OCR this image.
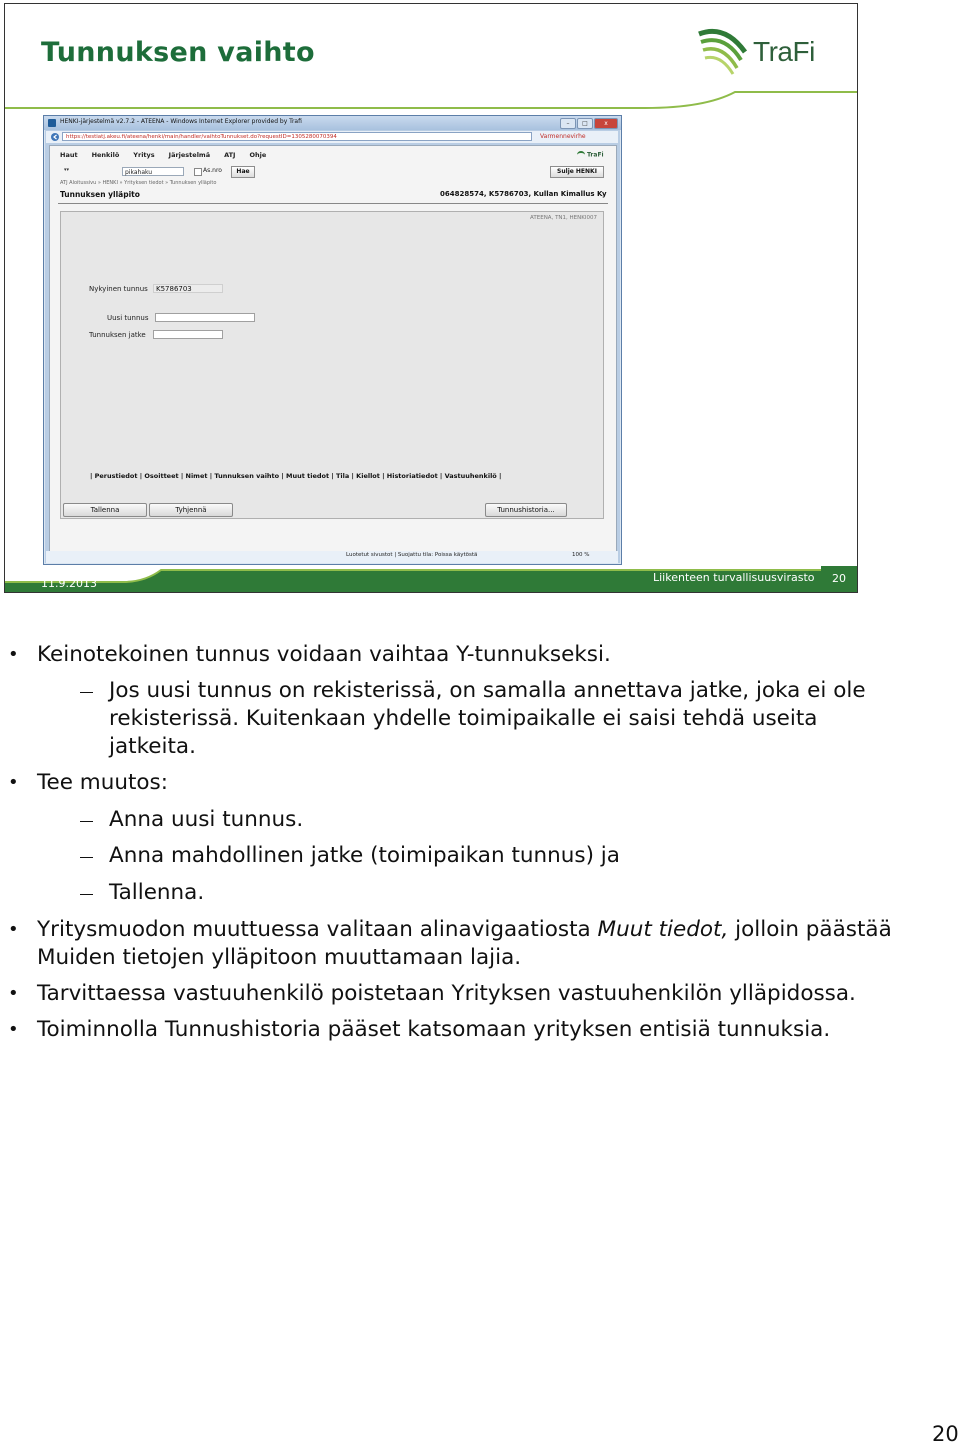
Tunnuksen vaihto	TraFi
HENKI-järjestelmä v2.7.2 - ATEENA - Windows Internet Explorer provided by Trafi	–	□	x
https://testiatj.akeu.fi/ateena/henki/main/handler/vaihtoTunnukset.do?requestID=1305280070394	Varmennevirhe
Haut Henkilö Yritys Järjestelmä ATJ Ohje	TraFi
▾▾	pikahaku	As.nro	Hae	Sulje HENKI
ATJ Aloitussivu » HENKI » Yrityksen tiedot » Tunnuksen ylläpito
Tunnuksen ylläpito	064828574, K5786703, Kullan Kimallus Ky
ATEENA, TN1, HENKI007
Nykyinen tunnus	K5786703
Uusi tunnus
Tunnuksen jatke
Tallenna	Tyhjennä	Tunnushistoria...
| Perustiedot | Osoitteet | Nimet | Tunnuksen vaihto | Muut tiedot | Tila | Kiellot | Historiatiedot | Vastuuhenkilö |
Luotetut sivustot | Suojattu tila: Poissa käytöstä	100 %
11.9.2013	Liikenteen turvallisuusvirasto	20
• Keinotekoinen tunnus voidaan vaihtaa Y-tunnukseksi.
Jos uusi tunnus on rekisterissä, on samalla annettava jatke, joka ei ole
rekisterissä. Kuitenkaan yhdelle toimipaikalle ei saisi tehdä useita
jatkeita.
• Tee muutos:
Anna uusi tunnus.
Anna mahdollinen jatke (toimipaikan tunnus) ja
Tallenna.
• Yritysmuodon muuttuessa valitaan alinavigaatiosta Muut tiedot, jolloin päästää
Muiden tietojen ylläpitoon muuttamaan lajia.
• Tarvittaessa vastuuhenkilö poistetaan Yrityksen vastuuhenkilön ylläpidossa.
• Toiminnolla Tunnushistoria pääset katsomaan yrityksen entisiä tunnuksia.
20
